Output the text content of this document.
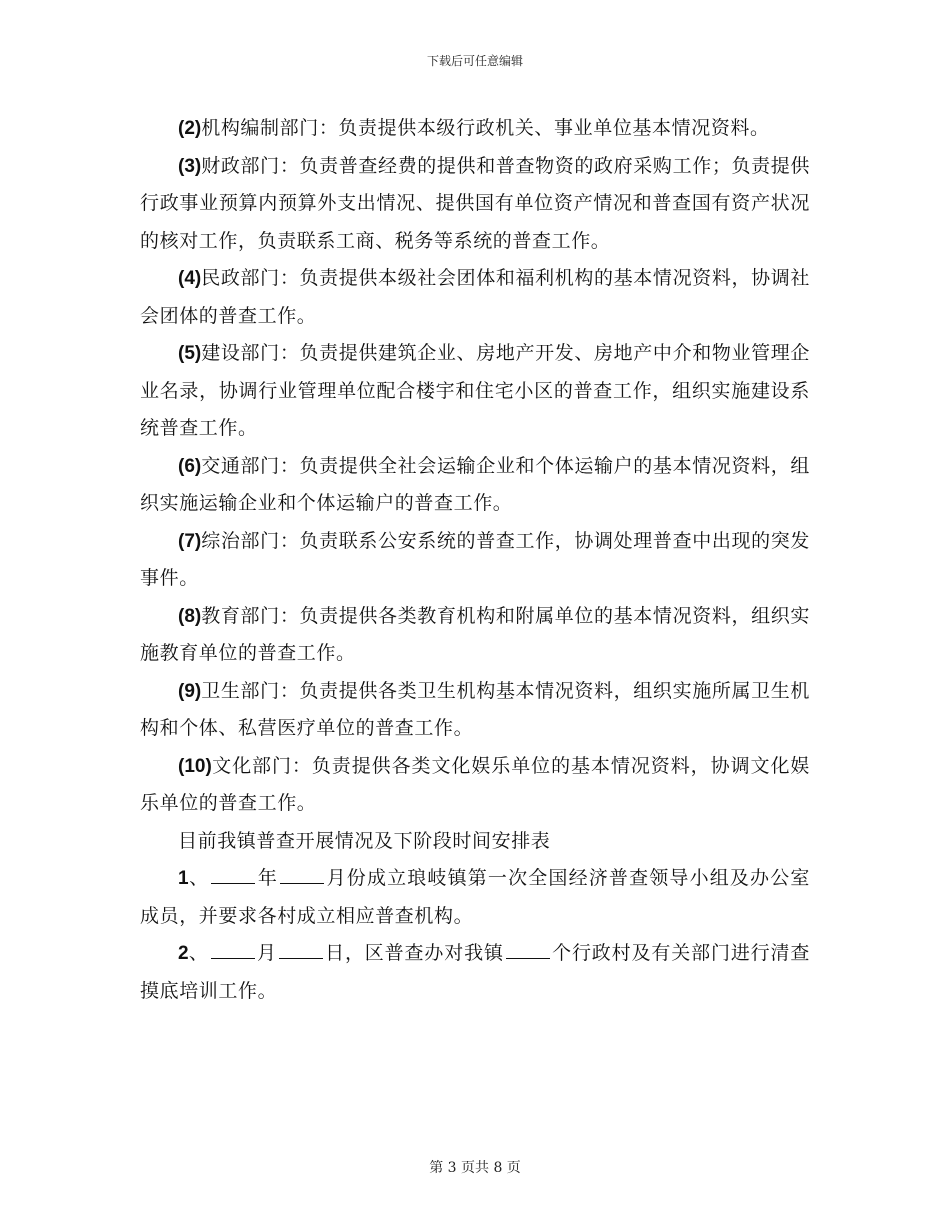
下载后可任意编辑

(2)机构编制部门：负责提供本级行政机关、事业单位基本情况资料。

(3)财政部门：负责普查经费的提供和普查物资的政府采购工作；负责提供行政事业预算内预算外支出情况、提供国有单位资产情况和普查国有资产状况的核对工作，负责联系工商、税务等系统的普查工作。

(4)民政部门：负责提供本级社会团体和福利机构的基本情况资料，协调社会团体的普查工作。

(5)建设部门：负责提供建筑企业、房地产开发、房地产中介和物业管理企业名录，协调行业管理单位配合楼宇和住宅小区的普查工作，组织实施建设系统普查工作。

(6)交通部门：负责提供全社会运输企业和个体运输户的基本情况资料，组织实施运输企业和个体运输户的普查工作。

(7)综治部门：负责联系公安系统的普查工作，协调处理普查中出现的突发事件。

(8)教育部门：负责提供各类教育机构和附属单位的基本情况资料，组织实施教育单位的普查工作。

(9)卫生部门：负责提供各类卫生机构基本情况资料，组织实施所属卫生机构和个体、私营医疗单位的普查工作。

(10)文化部门：负责提供各类文化娱乐单位的基本情况资料，协调文化娱乐单位的普查工作。

目前我镇普查开展情况及下阶段时间安排表

1、	年	月份成立琅岐镇第一次全国经济普查领导小组及办公室成员，并要求各村成立相应普查机构。

2、	月	日，区普查办对我镇	个行政村及有关部门进行清查摸底培训工作。

第 3 页共 8 页
